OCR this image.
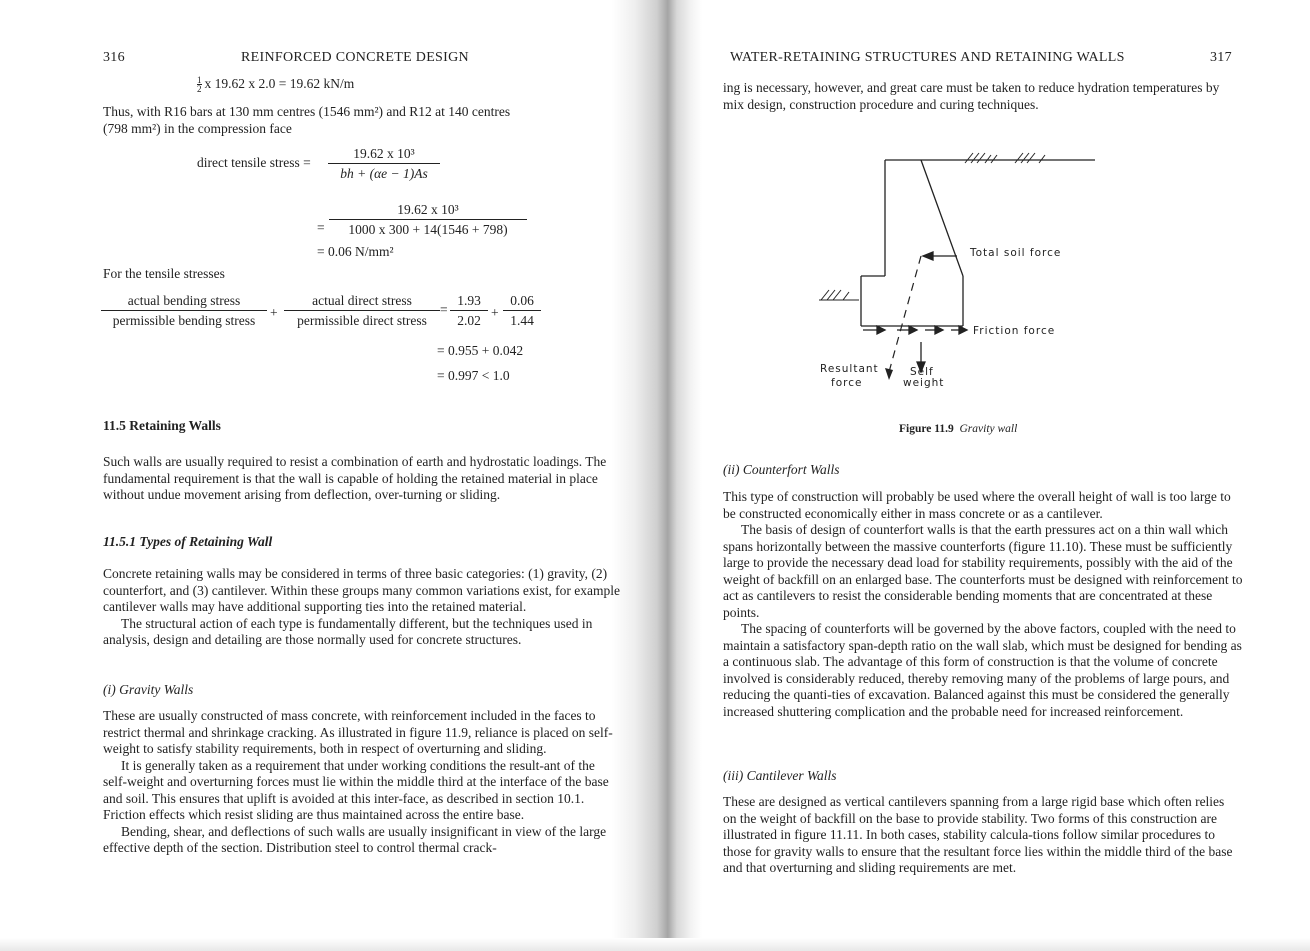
316	REINFORCED CONCRETE DESIGN
$\frac{1}{2}$ x 19.62 x 2.0 = 19.62 kN/m
Thus, with R16 bars at 130 mm centres (1546 mm²) and R12 at 140 centres
(798 mm²) in the compression face
direct tensile stress = $\frac{\text{19.62 x 10³}}{bh + (\alpha e - 1)As}$
= $\frac{\text{19.62 x 10³}}{1000 x 300 + 14(1546 + 798)}$
= 0.06 N/mm²
For the tensile stresses
actual bending stress
permissible bending stress
+
actual direct stress
permissible direct stress
= $\frac{1.93}{2.02} + \frac{0.06}{1.44}$
= 0.955 + 0.042
= 0.997 < 1.0
11.5 Retaining Walls

Such walls are usually required to resist a combination of earth and hydrostatic loadings. The fundamental requirement is that the wall is capable of holding the retained material in place without undue movement arising from deflection, over-turning or sliding.

11.5.1 Types of Retaining Wall

Concrete retaining walls may be considered in terms of three basic categories: (1) gravity, (2) counterfort, and (3) cantilever. Within these groups many common variations exist, for example cantilever walls may have additional supporting ties into the retained material.

The structural action of each type is fundamentally different, but the techniques used in analysis, design and detailing are those normally used for concrete structures.

(i) Gravity Walls

These are usually constructed of mass concrete, with reinforcement included in the faces to restrict thermal and shrinkage cracking. As illustrated in figure 11.9, reliance is placed on self-weight to satisfy stability requirements, both in respect of overturning and sliding.

It is generally taken as a requirement that under working conditions the result-ant of the self-weight and overturning forces must lie within the middle third at the interface of the base and soil. This ensures that uplift is avoided at this inter-face, as described in section 10.1. Friction effects which resist sliding are thus maintained across the entire base.

Bending, shear, and deflections of such walls are usually insignificant in view of the large effective depth of the section. Distribution steel to control thermal crack-

WATER-RETAINING STRUCTURES AND RETAINING WALLS	317

ing is necessary, however, and great care must be taken to reduce hydration temperatures by mix design, construction procedure and curing techniques.

Total soil force
Friction force
Resultant
force
Self
weight
Figure 11.9 Gravity wall
(ii) Counterfort Walls

This type of construction will probably be used where the overall height of wall is too large to be constructed economically either in mass concrete or as a cantilever.

The basis of design of counterfort walls is that the earth pressures act on a thin wall which spans horizontally between the massive counterforts (figure 11.10). These must be sufficiently large to provide the necessary dead load for stability requirements, possibly with the aid of the weight of backfill on an enlarged base. The counterforts must be designed with reinforcement to act as cantilevers to resist the considerable bending moments that are concentrated at these points.

The spacing of counterforts will be governed by the above factors, coupled with the need to maintain a satisfactory span-depth ratio on the wall slab, which must be designed for bending as a continuous slab. The advantage of this form of construction is that the volume of concrete involved is considerably reduced, thereby removing many of the problems of large pours, and reducing the quanti-ties of excavation. Balanced against this must be considered the generally increased shuttering complication and the probable need for increased reinforcement.

(iii) Cantilever Walls

These are designed as vertical cantilevers spanning from a large rigid base which often relies on the weight of backfill on the base to provide stability. Two forms of this construction are illustrated in figure 11.11. In both cases, stability calcula-tions follow similar procedures to those for gravity walls to ensure that the resultant force lies within the middle third of the base and that overturning and sliding requirements are met.
